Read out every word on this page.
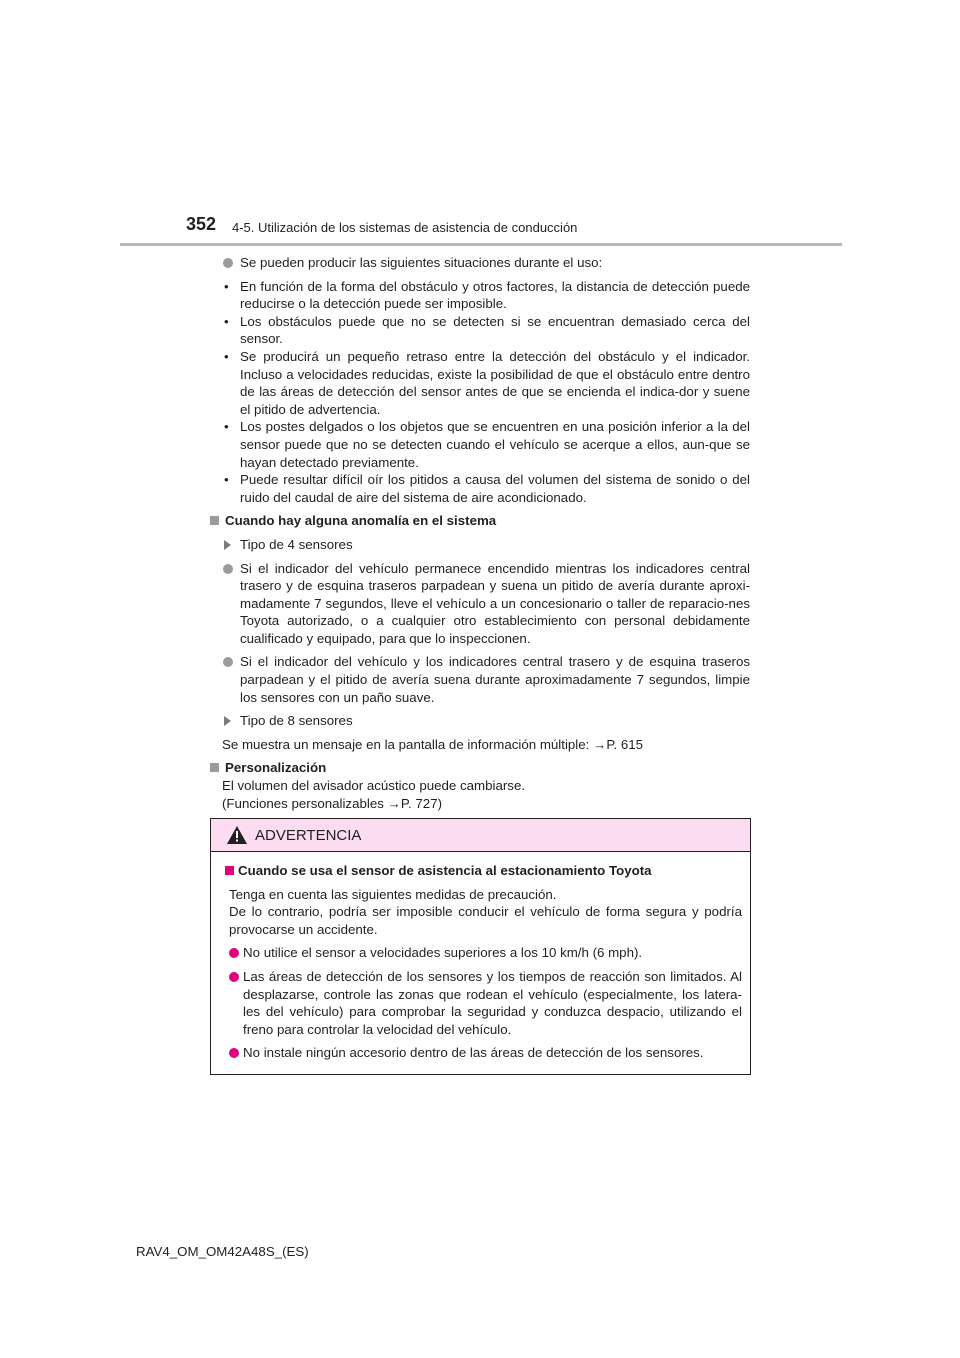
352 4-5. Utilización de los sistemas de asistencia de conducción
Se pueden producir las siguientes situaciones durante el uso:
• En función de la forma del obstáculo y otros factores, la distancia de detección puede reducirse o la detección puede ser imposible.
• Los obstáculos puede que no se detecten si se encuentran demasiado cerca del sensor.
• Se producirá un pequeño retraso entre la detección del obstáculo y el indicador. Incluso a velocidades reducidas, existe la posibilidad de que el obstáculo entre dentro de las áreas de detección del sensor antes de que se encienda el indica-dor y suene el pitido de advertencia.
• Los postes delgados o los objetos que se encuentren en una posición inferior a la del sensor puede que no se detecten cuando el vehículo se acerque a ellos, aun-que se hayan detectado previamente.
• Puede resultar difícil oír los pitidos a causa del volumen del sistema de sonido o del ruido del caudal de aire del sistema de aire acondicionado.
Cuando hay alguna anomalía en el sistema
Tipo de 4 sensores
Si el indicador del vehículo permanece encendido mientras los indicadores central trasero y de esquina traseros parpadean y suena un pitido de avería durante aproxi-madamente 7 segundos, lleve el vehículo a un concesionario o taller de reparacio-nes Toyota autorizado, o a cualquier otro establecimiento con personal debidamente cualificado y equipado, para que lo inspeccionen.
Si el indicador del vehículo y los indicadores central trasero y de esquina traseros parpadean y el pitido de avería suena durante aproximadamente 7 segundos, limpie los sensores con un paño suave.
Tipo de 8 sensores
Se muestra un mensaje en la pantalla de información múltiple: →P. 615
Personalización
El volumen del avisador acústico puede cambiarse.
(Funciones personalizables →P. 727)
ADVERTENCIA
Cuando se usa el sensor de asistencia al estacionamiento Toyota
Tenga en cuenta las siguientes medidas de precaución.
De lo contrario, podría ser imposible conducir el vehículo de forma segura y podría provocarse un accidente.
No utilice el sensor a velocidades superiores a los 10 km/h (6 mph).
Las áreas de detección de los sensores y los tiempos de reacción son limitados. Al desplazarse, controle las zonas que rodean el vehículo (especialmente, los latera-les del vehículo) para comprobar la seguridad y conduzca despacio, utilizando el freno para controlar la velocidad del vehículo.
No instale ningún accesorio dentro de las áreas de detección de los sensores.
RAV4_OM_OM42A48S_(ES)
